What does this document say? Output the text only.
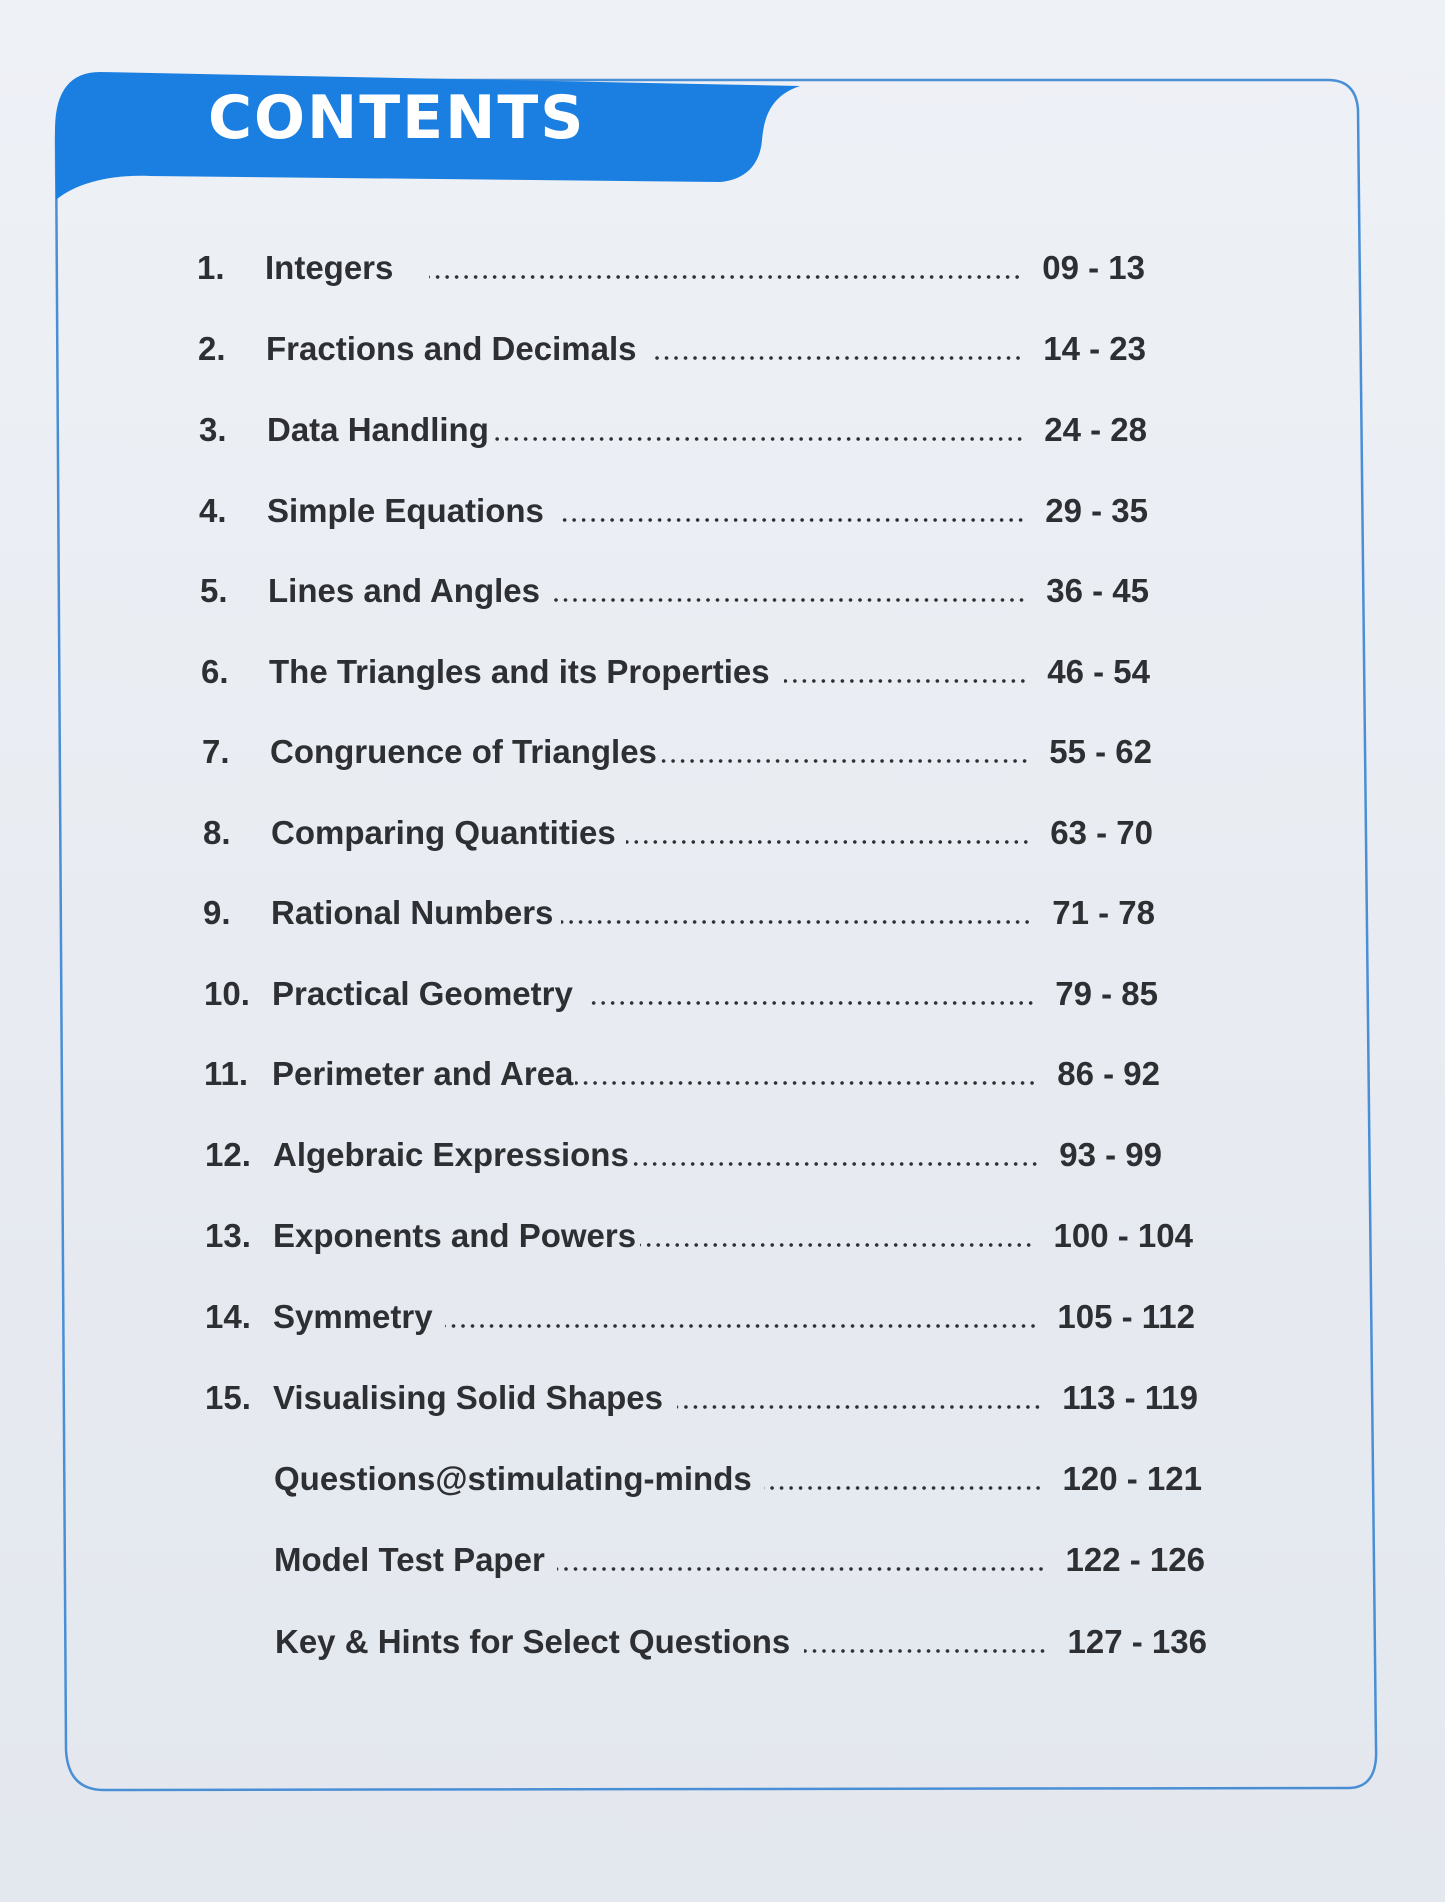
CONTENTS
1.	Integers	09 - 13
2.	Fractions and Decimals	14 - 23
3.	Data Handling	24 - 28
4.	Simple Equations	29 - 35
5.	Lines and Angles	36 - 45
6.	The Triangles and its Properties	46 - 54
7.	Congruence of Triangles	55 - 62
8.	Comparing Quantities	63 - 70
9.	Rational Numbers	71 - 78
10. Practical Geometry	79 - 85
11. Perimeter and Area	86 - 92
12. Algebraic Expressions	93 - 99
13. Exponents and Powers	100 - 104
14. Symmetry	105 - 112
15. Visualising Solid Shapes	113 - 119
Questions@stimulating-minds	120 - 121
Model Test Paper	122 - 126
Key & Hints for Select Questions	127 - 136
